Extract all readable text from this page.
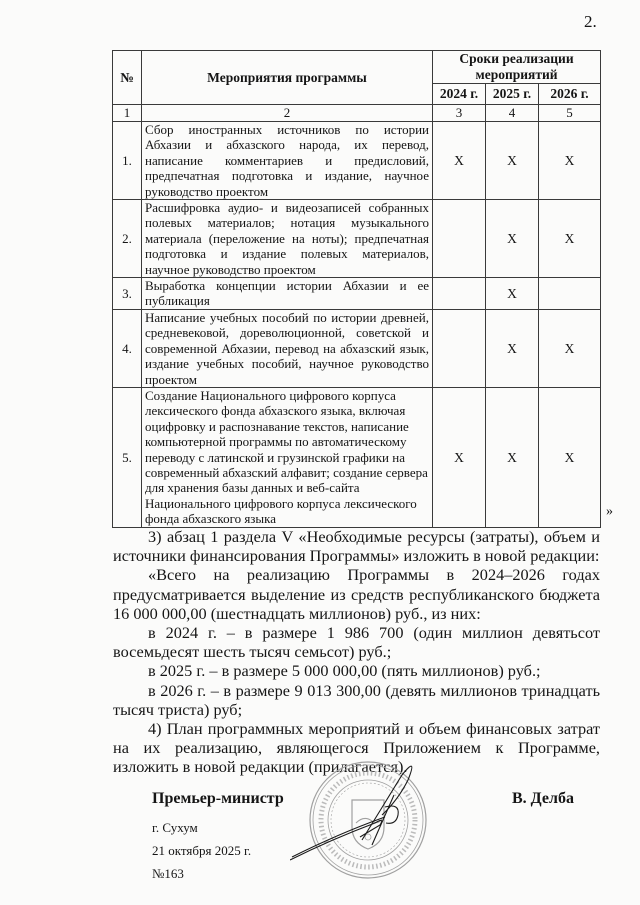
2.
№	Мероприятия программы	Сроки реализации мероприятий		
		2024 г.	2025 г.	2026 г.
1	2	3	4	5
1.	Сбор иностранных источников по истории Абхазии и абхазского народа, их перевод, написание комментариев и предисловий, предпечатная подготовка и издание, научное руководство проектом	X	X	X
2.	Расшифровка аудио- и видеозаписей собранных полевых материалов; нотация музыкального материала (переложение на ноты); предпечатная подготовка и издание полевых материалов, научное руководство проектом		X	X
3.	Выработка концепции истории Абхазии и ее публикация		X	
4.	Написание учебных пособий по истории древней, средневековой, дореволюционной, советской и современной Абхазии, перевод на абхазский язык, издание учебных пособий, научное руководство проектом		X	X
5.	Создание Национального цифрового корпуса лексического фонда абхазского языка, включая оцифровку и распознавание текстов, написание компьютерной программы по автоматическому переводу с латинской и грузинской графики на современный абхазский алфавит; создание сервера для хранения базы данных и веб-сайта Национального цифрового корпуса лексического фонда абхазского языка	X	X	X
»

3) абзац 1 раздела V «Необходимые ресурсы (затраты), объем и источники финансирования Программы» изложить в новой редакции:

«Всего на реализацию Программы в 2024–2026 годах предусматривается выделение из средств республиканского бюджета 16 000 000,00 (шестнадцать миллионов) руб., из них:

в 2024 г. – в размере 1 986 700 (один миллион девятьсот восемьдесят шесть тысяч семьсот) руб.;

в 2025 г. – в размере 5 000 000,00 (пять миллионов) руб.;

в 2026 г. – в размере 9 013 300,00 (девять миллионов тринадцать тысяч триста) руб;

4) План программных мероприятий и объем финансовых затрат на их реализацию, являющегося Приложением к Программе, изложить в новой редакции (прилагается).

Премьер-министр	В. Делба
г. Сухум
21 октября 2025 г.
№163
